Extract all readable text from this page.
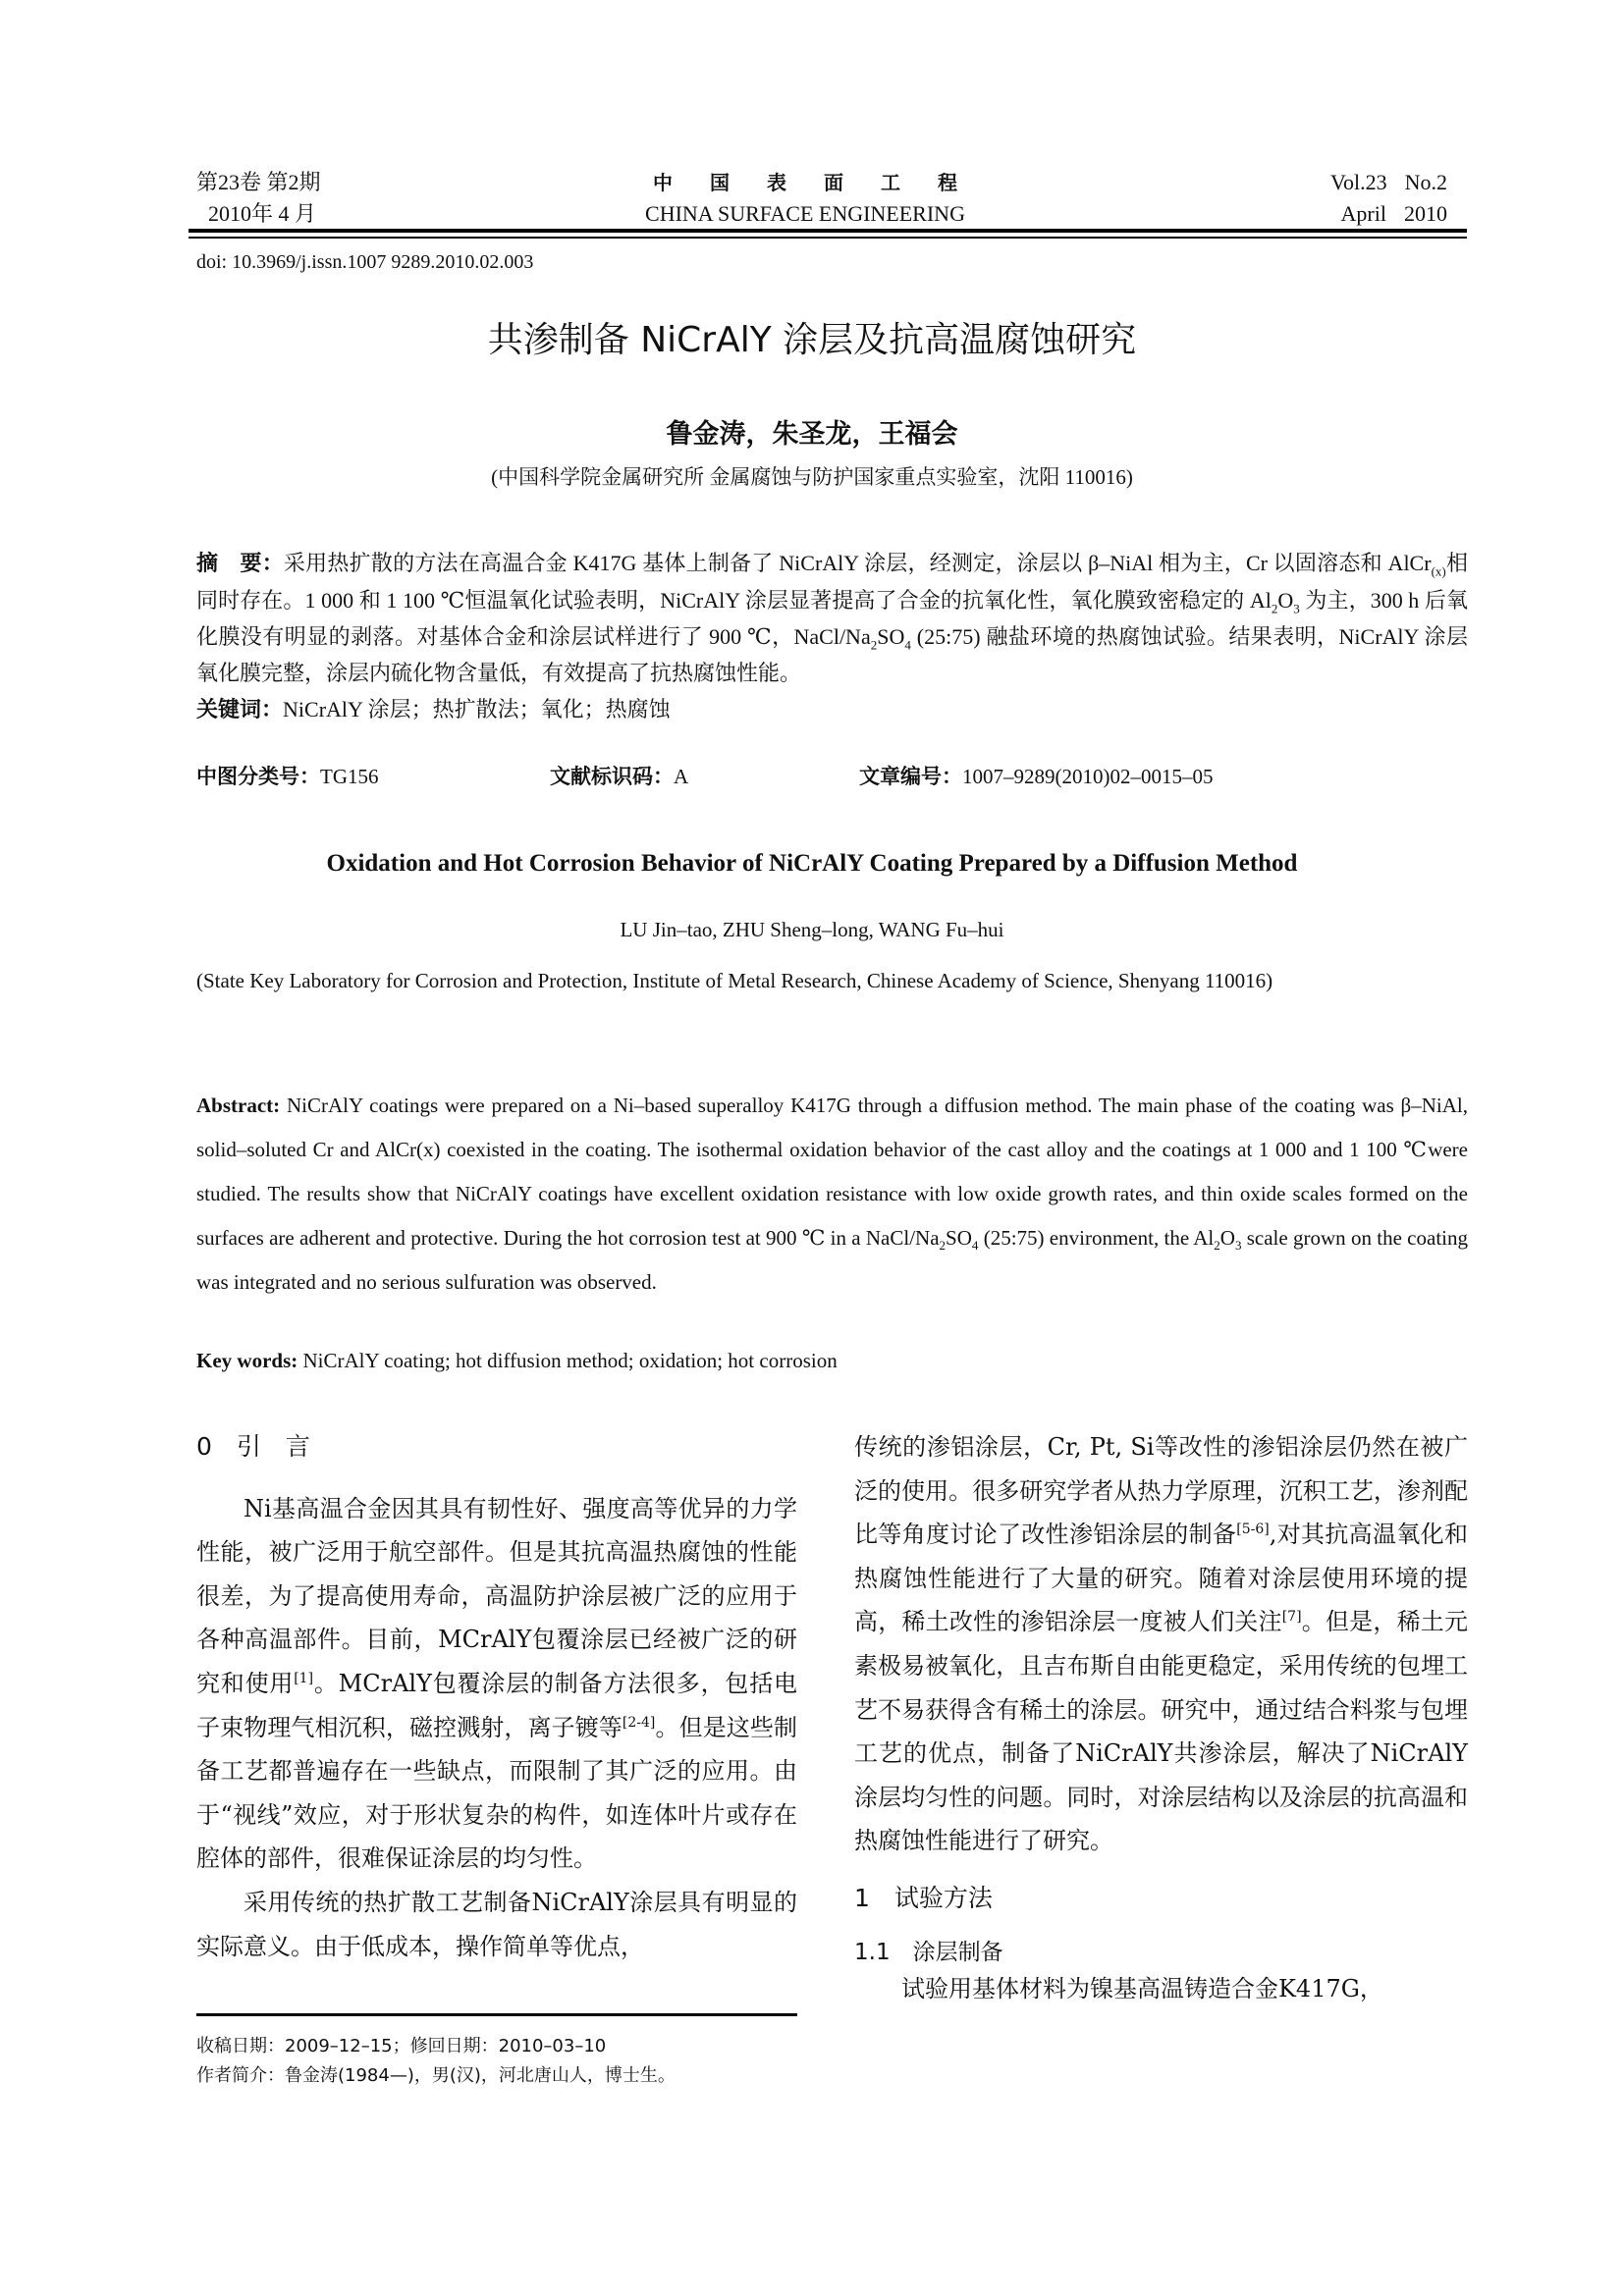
第23卷 第2期
2010年 4 月
中国表面工程
CHINA SURFACE ENGINEERING
Vol.23 No.2
April 2010
doi: 10.3969/j.issn.1007 9289.2010.02.003
共渗制备 NiCrAlY 涂层及抗高温腐蚀研究
鲁金涛，朱圣龙，王福会
(中国科学院金属研究所 金属腐蚀与防护国家重点实验室，沈阳 110016)
摘　要：采用热扩散的方法在高温合金 K417G 基体上制备了 NiCrAlY 涂层，经测定，涂层以 β–NiAl 相为主，Cr 以固溶态和 AlCr$_{(x)}$相同时存在。1 000 和 1 100 ℃恒温氧化试验表明，NiCrAlY 涂层显著提高了合金的抗氧化性，氧化膜致密稳定的 $Al_2O_3$ 为主，300 h 后氧化膜没有明显的剥落。对基体合金和涂层试样进行了 900 ℃，NaCl/$Na_2SO_4$ (25:75) 融盐环境的热腐蚀试验。结果表明，NiCrAlY 涂层氧化膜完整，涂层内硫化物含量低，有效提高了抗热腐蚀性能。
关键词：NiCrAlY 涂层；热扩散法；氧化；热腐蚀
中图分类号：TG156	文献标识码：A	文章编号：1007–9289(2010)02–0015–05
Oxidation and Hot Corrosion Behavior of NiCrAlY Coating Prepared by a Diffusion Method
LU Jin–tao, ZHU Sheng–long, WANG Fu–hui
(State Key Laboratory for Corrosion and Protection, Institute of Metal Research, Chinese Academy of Science, Shenyang 110016)
Abstract: NiCrAlY coatings were prepared on a Ni–based superalloy K417G through a diffusion method. The main phase of the coating was β–NiAl, solid–soluted Cr and AlCr(x) coexisted in the coating. The isothermal oxidation behavior of the cast alloy and the coatings at 1 000 and 1 100 ℃were studied. The results show that NiCrAlY coatings have excellent oxidation resistance with low oxide growth rates, and thin oxide scales formed on the surfaces are adherent and protective. During the hot corrosion test at 900 ℃ in a NaCl/$Na_2SO_4$ (25:75) environment, the $Al_2O_3$ scale grown on the coating was integrated and no serious sulfuration was observed.
Key words: NiCrAlY coating; hot diffusion method; oxidation; hot corrosion
0　引　言
Ni基高温合金因其具有韧性好、强度高等优异的力学性能，被广泛用于航空部件。但是其抗高温热腐蚀的性能很差，为了提高使用寿命，高温防护涂层被广泛的应用于各种高温部件。目前，MCrAlY包覆涂层已经被广泛的研究和使用[1]。MCrAlY包覆涂层的制备方法很多，包括电子束物理气相沉积，磁控溅射，离子镀等[2-4]。但是这些制备工艺都普遍存在一些缺点，而限制了其广泛的应用。由于“视线”效应，对于形状复杂的构件，如连体叶片或存在腔体的部件，很难保证涂层的均匀性。
采用传统的热扩散工艺制备NiCrAlY涂层具有明显的实际意义。由于低成本，操作简单等优点，
收稿日期：2009–12–15；修回日期：2010–03–10
作者简介：鲁金涛(1984—)，男(汉)，河北唐山人，博士生。
传统的渗铝涂层，Cr, Pt, Si等改性的渗铝涂层仍然在被广泛的使用。很多研究学者从热力学原理，沉积工艺，渗剂配比等角度讨论了改性渗铝涂层的制备[5-6],对其抗高温氧化和热腐蚀性能进行了大量的研究。随着对涂层使用环境的提高，稀土改性的渗铝涂层一度被人们关注[7]。但是，稀土元素极易被氧化，且吉布斯自由能更稳定，采用传统的包埋工艺不易获得含有稀土的涂层。研究中，通过结合料浆与包埋工艺的优点，制备了NiCrAlY共渗涂层，解决了NiCrAlY涂层均匀性的问题。同时，对涂层结构以及涂层的抗高温和热腐蚀性能进行了研究。
1　试验方法
1.1　涂层制备
试验用基体材料为镍基高温铸造合金K417G，
